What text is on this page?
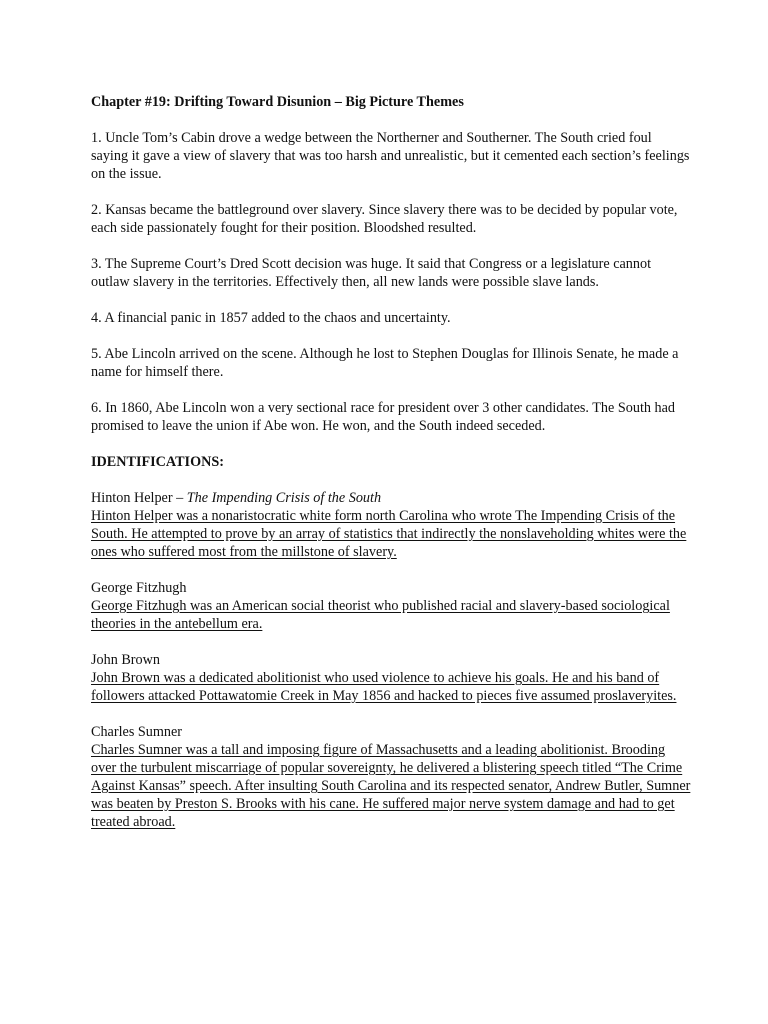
Chapter #19: Drifting Toward Disunion – Big Picture Themes

1. Uncle Tom’s Cabin drove a wedge between the Northerner and Southerner. The South cried foul saying it gave a view of slavery that was too harsh and unrealistic, but it cemented each section’s feelings on the issue.

2. Kansas became the battleground over slavery. Since slavery there was to be decided by popular vote, each side passionately fought for their position. Bloodshed resulted.

3. The Supreme Court’s Dred Scott decision was huge. It said that Congress or a legislature cannot outlaw slavery in the territories. Effectively then, all new lands were possible slave lands.

4. A financial panic in 1857 added to the chaos and uncertainty.

5. Abe Lincoln arrived on the scene. Although he lost to Stephen Douglas for Illinois Senate, he made a name for himself there.

6. In 1860, Abe Lincoln won a very sectional race for president over 3 other candidates. The South had promised to leave the union if Abe won. He won, and the South indeed seceded.

IDENTIFICATIONS:
Hinton Helper – The Impending Crisis of the South
Hinton Helper was a nonaristocratic white form north Carolina who wrote The Impending Crisis of the South. He attempted to prove by an array of statistics that indirectly the nonslaveholding whites were the ones who suffered most from the millstone of slavery.
George Fitzhugh
George Fitzhugh was an American social theorist who published racial and slavery-based sociological theories in the antebellum era.
John Brown
John Brown was a dedicated abolitionist who used violence to achieve his goals. He and his band of followers attacked Pottawatomie Creek in May 1856 and hacked to pieces five assumed proslaveryites.
Charles Sumner
Charles Sumner was a tall and imposing figure of Massachusetts and a leading abolitionist. Brooding over the turbulent miscarriage of popular sovereignty, he delivered a blistering speech titled “The Crime Against Kansas” speech. After insulting South Carolina and its respected senator, Andrew Butler, Sumner was beaten by Preston S. Brooks with his cane. He suffered major nerve system damage and had to get treated abroad.
